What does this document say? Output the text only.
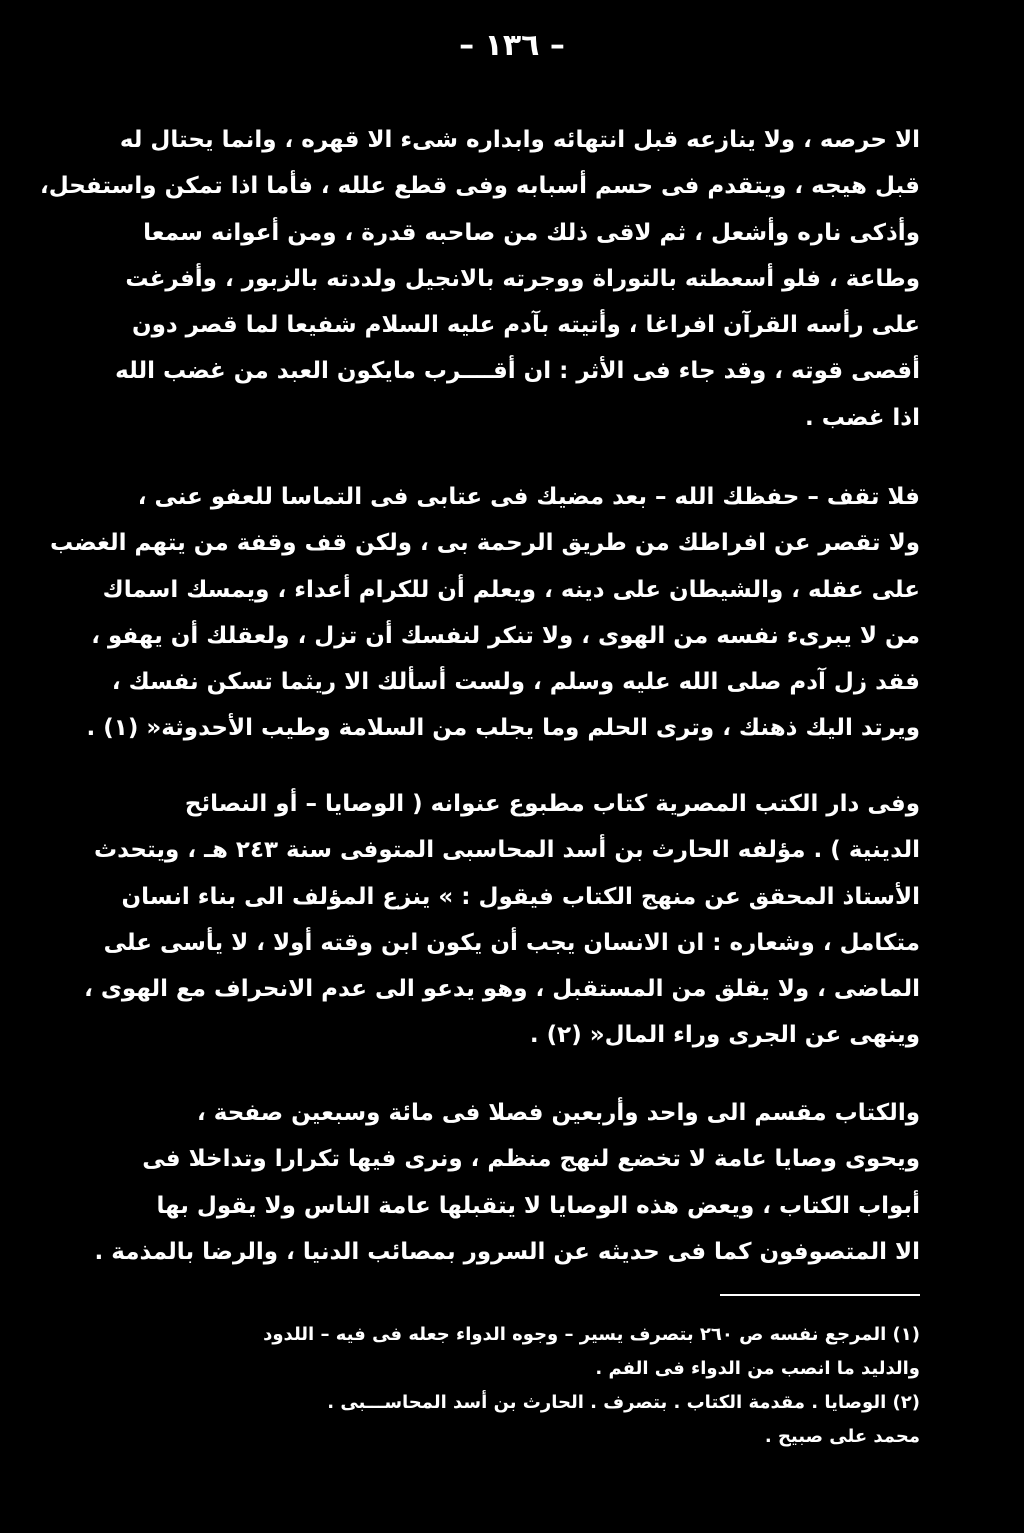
– ١٣٦ –

الا حرصه ، ولا ينازعه قبل انتهائه وابداره شىء الا قهره ، وانما يحتال له

قبل هيجه ، ويتقدم فى حسم أسبابه وفى قطع علله ، فأما اذا تمكن واستفحل،

وأذكى ناره وأشعل ، ثم لاقى ذلك من صاحبه قدرة ، ومن أعوانه سمعا

وطاعة ، فلو أسعطته بالتوراة ووجرته بالانجيل ولددته بالزبور ، وأفرغت

على رأسه القرآن افراغا ، وأتيته بآدم عليه السلام شفيعا لما قصر دون

أقصى قوته ، وقد جاء فى الأثر : ان أقــــرب مايكون العبد من غضب الله

اذا غضب .

فلا تقف – حفظك الله – بعد مضيك فى عتابى فى التماسا للعفو عنى ،

ولا تقصر عن افراطك من طريق الرحمة بى ، ولكن قف وقفة من يتهم الغضب

على عقله ، والشيطان على دينه ، ويعلم أن للكرام أعداء ، ويمسك اسماك

من لا يبرىء نفسه من الهوى ، ولا تنكر لنفسك أن تزل ، ولعقلك أن يهفو ،

فقد زل آدم صلى الله عليه وسلم ، ولست أسألك الا ريثما تسكن نفسك ،

ويرتد اليك ذهنك ، وترى الحلم وما يجلب من السلامة وطيب الأحدوثة« (١) .

وفى دار الكتب المصرية كتاب مطبوع عنوانه ( الوصايا – أو النصائح

الدينية ) . مؤلفه الحارث بن أسد المحاسبى المتوفى سنة ٢٤٣ هـ ، ويتحدث

الأستاذ المحقق عن منهج الكتاب فيقول : » ينزع المؤلف الى بناء انسان

متكامل ، وشعاره : ان الانسان يجب أن يكون ابن وقته أولا ، لا يأسى على

الماضى ، ولا يقلق من المستقبل ، وهو يدعو الى عدم الانحراف مع الهوى ،

وينهى عن الجرى وراء المال« (٢) .

والكتاب مقسم الى واحد وأربعين فصلا فى مائة وسبعين صفحة ،

ويحوى وصايا عامة لا تخضع لنهج منظم ، ونرى فيها تكرارا وتداخلا فى

أبواب الكتاب ، ويعض هذه الوصايا لا يتقبلها عامة الناس ولا يقول بها

الا المتصوفون كما فى حديثه عن السرور بمصائب الدنيا ، والرضا بالمذمة .

(١) المرجع نفسه ص ٢٦٠ بتصرف يسير – وجوه الدواء جعله فى فيه – اللدود

والدليد ما انصب من الدواء فى الفم .

(٢) الوصايا . مقدمة الكتاب . بتصرف . الحارث بن أسد المحاســـبى .

محمد على صبيح .
